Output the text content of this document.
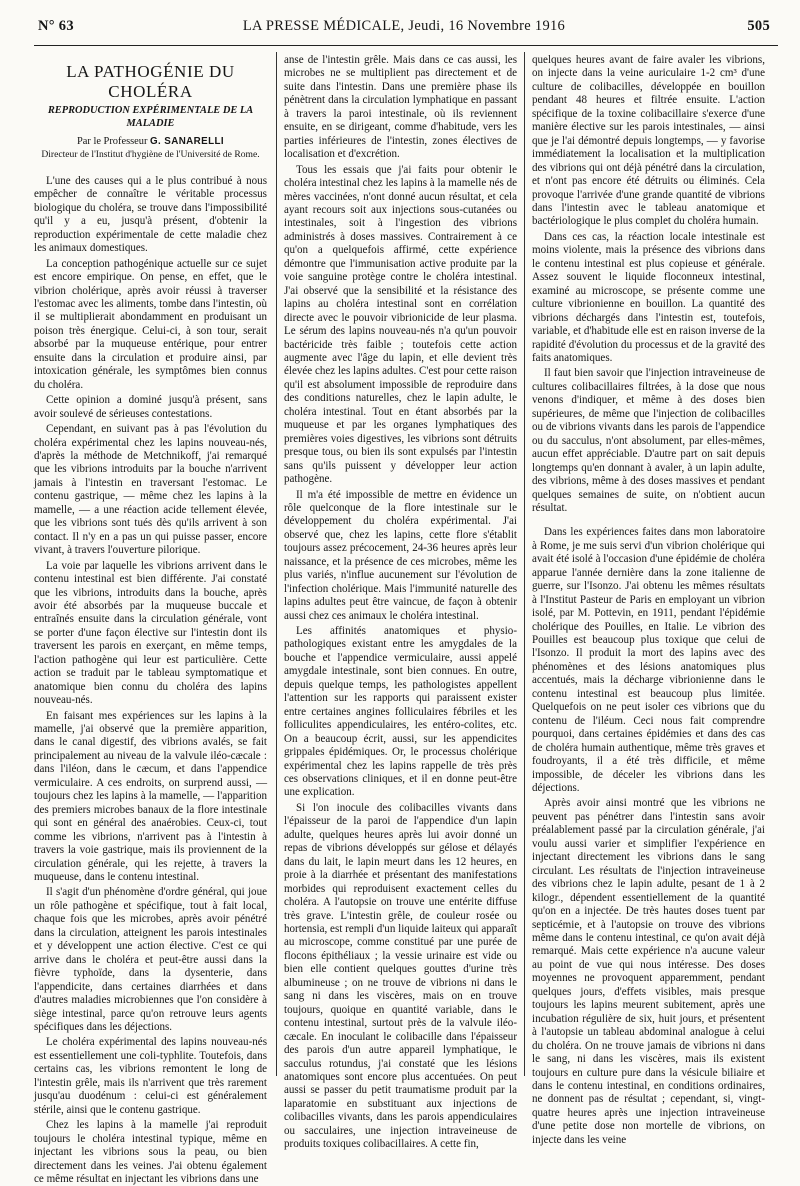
N° 63	LA PRESSE MÉDICALE, Jeudi, 16 Novembre 1916	505
LA PATHOGÉNIE DU CHOLÉRA
REPRODUCTION EXPÉRIMENTALE DE LA MALADIE
Par le Professeur G. SANARELLI
Directeur de l'Institut d'hygiène de l'Université de Rome.

L'une des causes qui a le plus contribué à nous empêcher de connaître le véritable processus biologique du choléra, se trouve dans l'impossibilité qu'il y a eu, jusqu'à présent, d'obtenir la reproduction expérimentale de cette maladie chez les animaux domestiques.

La conception pathogénique actuelle sur ce sujet est encore empirique. On pense, en effet, que le vibrion cholérique, après avoir réussi à traverser l'estomac avec les aliments, tombe dans l'intestin, où il se multiplierait abondamment en produisant un poison très énergique. Celui-ci, à son tour, serait absorbé par la muqueuse entérique, pour entrer ensuite dans la circulation et produire ainsi, par intoxication générale, les symptômes bien connus du choléra.

Cette opinion a dominé jusqu'à présent, sans avoir soulevé de sérieuses contestations.

Cependant, en suivant pas à pas l'évolution du choléra expérimental chez les lapins nouveau-nés, d'après la méthode de Metchnikoff, j'ai remarqué que les vibrions introduits par la bouche n'arrivent jamais à l'intestin en traversant l'estomac. Le contenu gastrique, — même chez les lapins à la mamelle, — a une réaction acide tellement élevée, que les vibrions sont tués dès qu'ils arrivent à son contact. Il n'y en a pas un qui puisse passer, encore vivant, à travers l'ouverture pilorique.

La voie par laquelle les vibrions arrivent dans le contenu intestinal est bien différente. J'ai constaté que les vibrions, introduits dans la bouche, après avoir été absorbés par la muqueuse buccale et entraînés ensuite dans la circulation générale, vont se porter d'une façon élective sur l'intestin dont ils traversent les parois en exerçant, en même temps, l'action pathogène qui leur est particulière. Cette action se traduit par le tableau symptomatique et anatomique bien connu du choléra des lapins nouveau-nés.

En faisant mes expériences sur les lapins à la mamelle, j'ai observé que la première apparition, dans le canal digestif, des vibrions avalés, se fait principalement au niveau de la valvule iléo-cæcale : dans l'iléon, dans le cæcum, et dans l'appendice vermiculaire. A ces endroits, on surprend aussi, — toujours chez les lapins à la mamelle, — l'apparition des premiers microbes banaux de la flore intestinale qui sont en général des anaérobies. Ceux-ci, tout comme les vibrions, n'arrivent pas à l'intestin à travers la voie gastrique, mais ils proviennent de la circulation générale, qui les rejette, à travers la muqueuse, dans le contenu intestinal.

Il s'agit d'un phénomène d'ordre général, qui joue un rôle pathogène et spécifique, tout à fait local, chaque fois que les microbes, après avoir pénétré dans la circulation, atteignent les parois intestinales et y développent une action élective. C'est ce qui arrive dans le choléra et peut-être aussi dans la fièvre typhoïde, dans la dysenterie, dans l'appendicite, dans certaines diarrhées et dans d'autres maladies microbiennes que l'on considère à siège intestinal, parce qu'on retrouve leurs agents spécifiques dans les déjections.

Le choléra expérimental des lapins nouveau-nés est essentiellement une coli-typhlite. Toutefois, dans certains cas, les vibrions remontent le long de l'intestin grêle, mais ils n'arrivent que très rarement jusqu'au duodénum : celui-ci est généralement stérile, ainsi que le contenu gastrique.

Chez les lapins à la mamelle j'ai reproduit toujours le choléra intestinal typique, même en injectant les vibrions sous la peau, ou bien directement dans les veines. J'ai obtenu également ce même résultat en injectant les vibrions dans une

anse de l'intestin grêle. Mais dans ce cas aussi, les microbes ne se multiplient pas directement et de suite dans l'intestin. Dans une première phase ils pénètrent dans la circulation lymphatique en passant à travers la paroi intestinale, où ils reviennent ensuite, en se dirigeant, comme d'habitude, vers les parties inférieures de l'intestin, zones électives de localisation et d'excrétion.

Tous les essais que j'ai faits pour obtenir le choléra intestinal chez les lapins à la mamelle nés de mères vaccinées, n'ont donné aucun résultat, et cela ayant recours soit aux injections sous-cutanées ou intestinales, soit à l'ingestion des vibrions administrés à doses massives. Contrairement à ce qu'on a quelquefois affirmé, cette expérience démontre que l'immunisation active produite par la voie sanguine protège contre le choléra intestinal. J'ai observé que la sensibilité et la résistance des lapins au choléra intestinal sont en corrélation directe avec le pouvoir vibrionicide de leur plasma. Le sérum des lapins nouveau-nés n'a qu'un pouvoir bactéricide très faible ; toutefois cette action augmente avec l'âge du lapin, et elle devient très élevée chez les lapins adultes. C'est pour cette raison qu'il est absolument impossible de reproduire dans des conditions naturelles, chez le lapin adulte, le choléra intestinal. Tout en étant absorbés par la muqueuse et par les organes lymphatiques des premières voies digestives, les vibrions sont détruits presque tous, ou bien ils sont expulsés par l'intestin sans qu'ils puissent y développer leur action pathogène.

Il m'a été impossible de mettre en évidence un rôle quelconque de la flore intestinale sur le développement du choléra expérimental. J'ai observé que, chez les lapins, cette flore s'établit toujours assez précocement, 24-36 heures après leur naissance, et la présence de ces microbes, même les plus variés, n'influe aucunement sur l'évolution de l'infection cholérique. Mais l'immunité naturelle des lapins adultes peut être vaincue, de façon à obtenir aussi chez ces animaux le choléra intestinal.

Les affinités anatomiques et physio-pathologiques existant entre les amygdales de la bouche et l'appendice vermiculaire, aussi appelé amygdale intestinale, sont bien connues. En outre, depuis quelque temps, les pathologistes appellent l'attention sur les rapports qui paraissent exister entre certaines angines folliculaires fébriles et les folliculites appendiculaires, les entéro-colites, etc. On a beaucoup écrit, aussi, sur les appendicites grippales épidémiques. Or, le processus cholérique expérimental chez les lapins rappelle de très près ces observations cliniques, et il en donne peut-être une explication.

Si l'on inocule des colibacilles vivants dans l'épaisseur de la paroi de l'appendice d'un lapin adulte, quelques heures après lui avoir donné un repas de vibrions développés sur gélose et délayés dans du lait, le lapin meurt dans les 12 heures, en proie à la diarrhée et présentant des manifestations morbides qui reproduisent exactement celles du choléra. A l'autopsie on trouve une entérite diffuse très grave. L'intestin grêle, de couleur rosée ou hortensia, est rempli d'un liquide laiteux qui apparaît au microscope, comme constitué par une purée de flocons épithéliaux ; la vessie urinaire est vide ou bien elle contient quelques gouttes d'urine très albumineuse ; on ne trouve de vibrions ni dans le sang ni dans les viscères, mais on en trouve toujours, quoique en quantité variable, dans le contenu intestinal, surtout près de la valvule iléo-cæcale. En inoculant le colibacille dans l'épaisseur des parois d'un autre appareil lymphatique, le sacculus rotundus, j'ai constaté que les lésions anatomiques sont encore plus accentuées. On peut aussi se passer du petit traumatisme produit par la laparatomie en substituant aux injections de colibacilles vivants, dans les parois appendiculaires ou sacculaires, une injection intraveineuse de produits toxiques colibacillaires. A cette fin,

quelques heures avant de faire avaler les vibrions, on injecte dans la veine auriculaire 1-2 cm³ d'une culture de colibacilles, développée en bouillon pendant 48 heures et filtrée ensuite. L'action spécifique de la toxine colibacillaire s'exerce d'une manière élective sur les parois intestinales, — ainsi que je l'ai démontré depuis longtemps, — y favorise immédiatement la localisation et la multiplication des vibrions qui ont déjà pénétré dans la circulation, et n'ont pas encore été détruits ou éliminés. Cela provoque l'arrivée d'une grande quantité de vibrions dans l'intestin avec le tableau anatomique et bactériologique le plus complet du choléra humain.

Dans ces cas, la réaction locale intestinale est moins violente, mais la présence des vibrions dans le contenu intestinal est plus copieuse et générale. Assez souvent le liquide floconneux intestinal, examiné au microscope, se présente comme une culture vibrionienne en bouillon. La quantité des vibrions déchargés dans l'intestin est, toutefois, variable, et d'habitude elle est en raison inverse de la rapidité d'évolution du processus et de la gravité des faits anatomiques.

Il faut bien savoir que l'injection intraveineuse de cultures colibacillaires filtrées, à la dose que nous venons d'indiquer, et même à des doses bien supérieures, de même que l'injection de colibacilles ou de vibrions vivants dans les parois de l'appendice ou du sacculus, n'ont absolument, par elles-mêmes, aucun effet appréciable. D'autre part on sait depuis longtemps qu'en donnant à avaler, à un lapin adulte, des vibrions, même à des doses massives et pendant quelques semaines de suite, on n'obtient aucun résultat.

Dans les expériences faites dans mon laboratoire à Rome, je me suis servi d'un vibrion cholérique qui avait été isolé à l'occasion d'une épidémie de choléra apparue l'année dernière dans la zone italienne de guerre, sur l'Isonzo. J'ai obtenu les mêmes résultats à l'Institut Pasteur de Paris en employant un vibrion isolé, par M. Pottevin, en 1911, pendant l'épidémie cholérique des Pouilles, en Italie. Le vibrion des Pouilles est beaucoup plus toxique que celui de l'Isonzo. Il produit la mort des lapins avec des phénomènes et des lésions anatomiques plus accentués, mais la décharge vibrionienne dans le contenu intestinal est beaucoup plus limitée. Quelquefois on ne peut isoler ces vibrions que du contenu de l'iléum. Ceci nous fait comprendre pourquoi, dans certaines épidémies et dans des cas de choléra humain authentique, même très graves et foudroyants, il a été très difficile, et même impossible, de déceler les vibrions dans les déjections.

Après avoir ainsi montré que les vibrions ne peuvent pas pénétrer dans l'intestin sans avoir préalablement passé par la circulation générale, j'ai voulu aussi varier et simplifier l'expérience en injectant directement les vibrions dans le sang circulant. Les résultats de l'injection intraveineuse des vibrions chez le lapin adulte, pesant de 1 à 2 kilogr., dépendent essentiellement de la quantité qu'on en a injectée. De très hautes doses tuent par septicémie, et à l'autopsie on trouve des vibrions même dans le contenu intestinal, ce qu'on avait déjà remarqué. Mais cette expérience n'a aucune valeur au point de vue qui nous intéresse. Des doses moyennes ne provoquent apparemment, pendant quelques jours, d'effets visibles, mais presque toujours les lapins meurent subitement, après une incubation régulière de six, huit jours, et présentent à l'autopsie un tableau abdominal analogue à celui du choléra. On ne trouve jamais de vibrions ni dans le sang, ni dans les viscères, mais ils existent toujours en culture pure dans la vésicule biliaire et dans le contenu intestinal, en conditions ordinaires, ne donnent pas de résultat ; cependant, si, vingt-quatre heures après une injection intraveineuse d'une petite dose non mortelle de vibrions, on injecte dans les veine
